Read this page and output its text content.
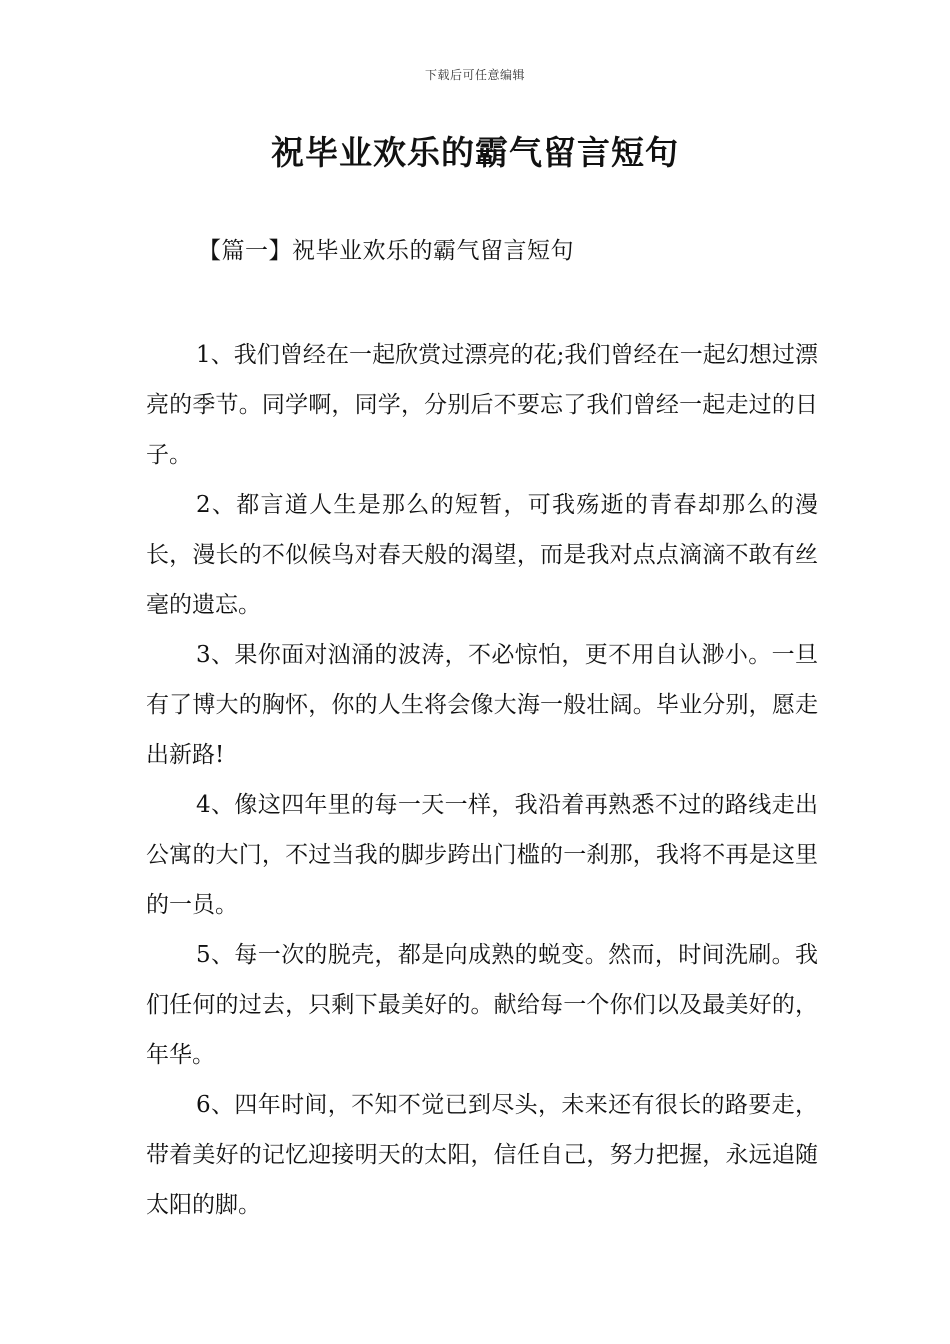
下载后可任意编辑
祝毕业欢乐的霸气留言短句
【篇一】祝毕业欢乐的霸气留言短句

1、我们曾经在一起欣赏过漂亮的花;我们曾经在一起幻想过漂亮的季节。同学啊，同学，分别后不要忘了我们曾经一起走过的日子。

2、都言道人生是那么的短暂，可我殇逝的青春却那么的漫长，漫长的不似候鸟对春天般的渴望，而是我对点点滴滴不敢有丝毫的遗忘。

3、果你面对汹涌的波涛，不必惊怕，更不用自认渺小。一旦有了博大的胸怀，你的人生将会像大海一般壮阔。毕业分别，愿走出新路!

4、像这四年里的每一天一样，我沿着再熟悉不过的路线走出公寓的大门，不过当我的脚步跨出门槛的一刹那，我将不再是这里的一员。

5、每一次的脱壳，都是向成熟的蜕变。然而，时间洗刷。我们任何的过去，只剩下最美好的。献给每一个你们以及最美好的，年华。

6、四年时间，不知不觉已到尽头，未来还有很长的路要走，带着美好的记忆迎接明天的太阳，信任自己，努力把握，永远追随太阳的脚。
